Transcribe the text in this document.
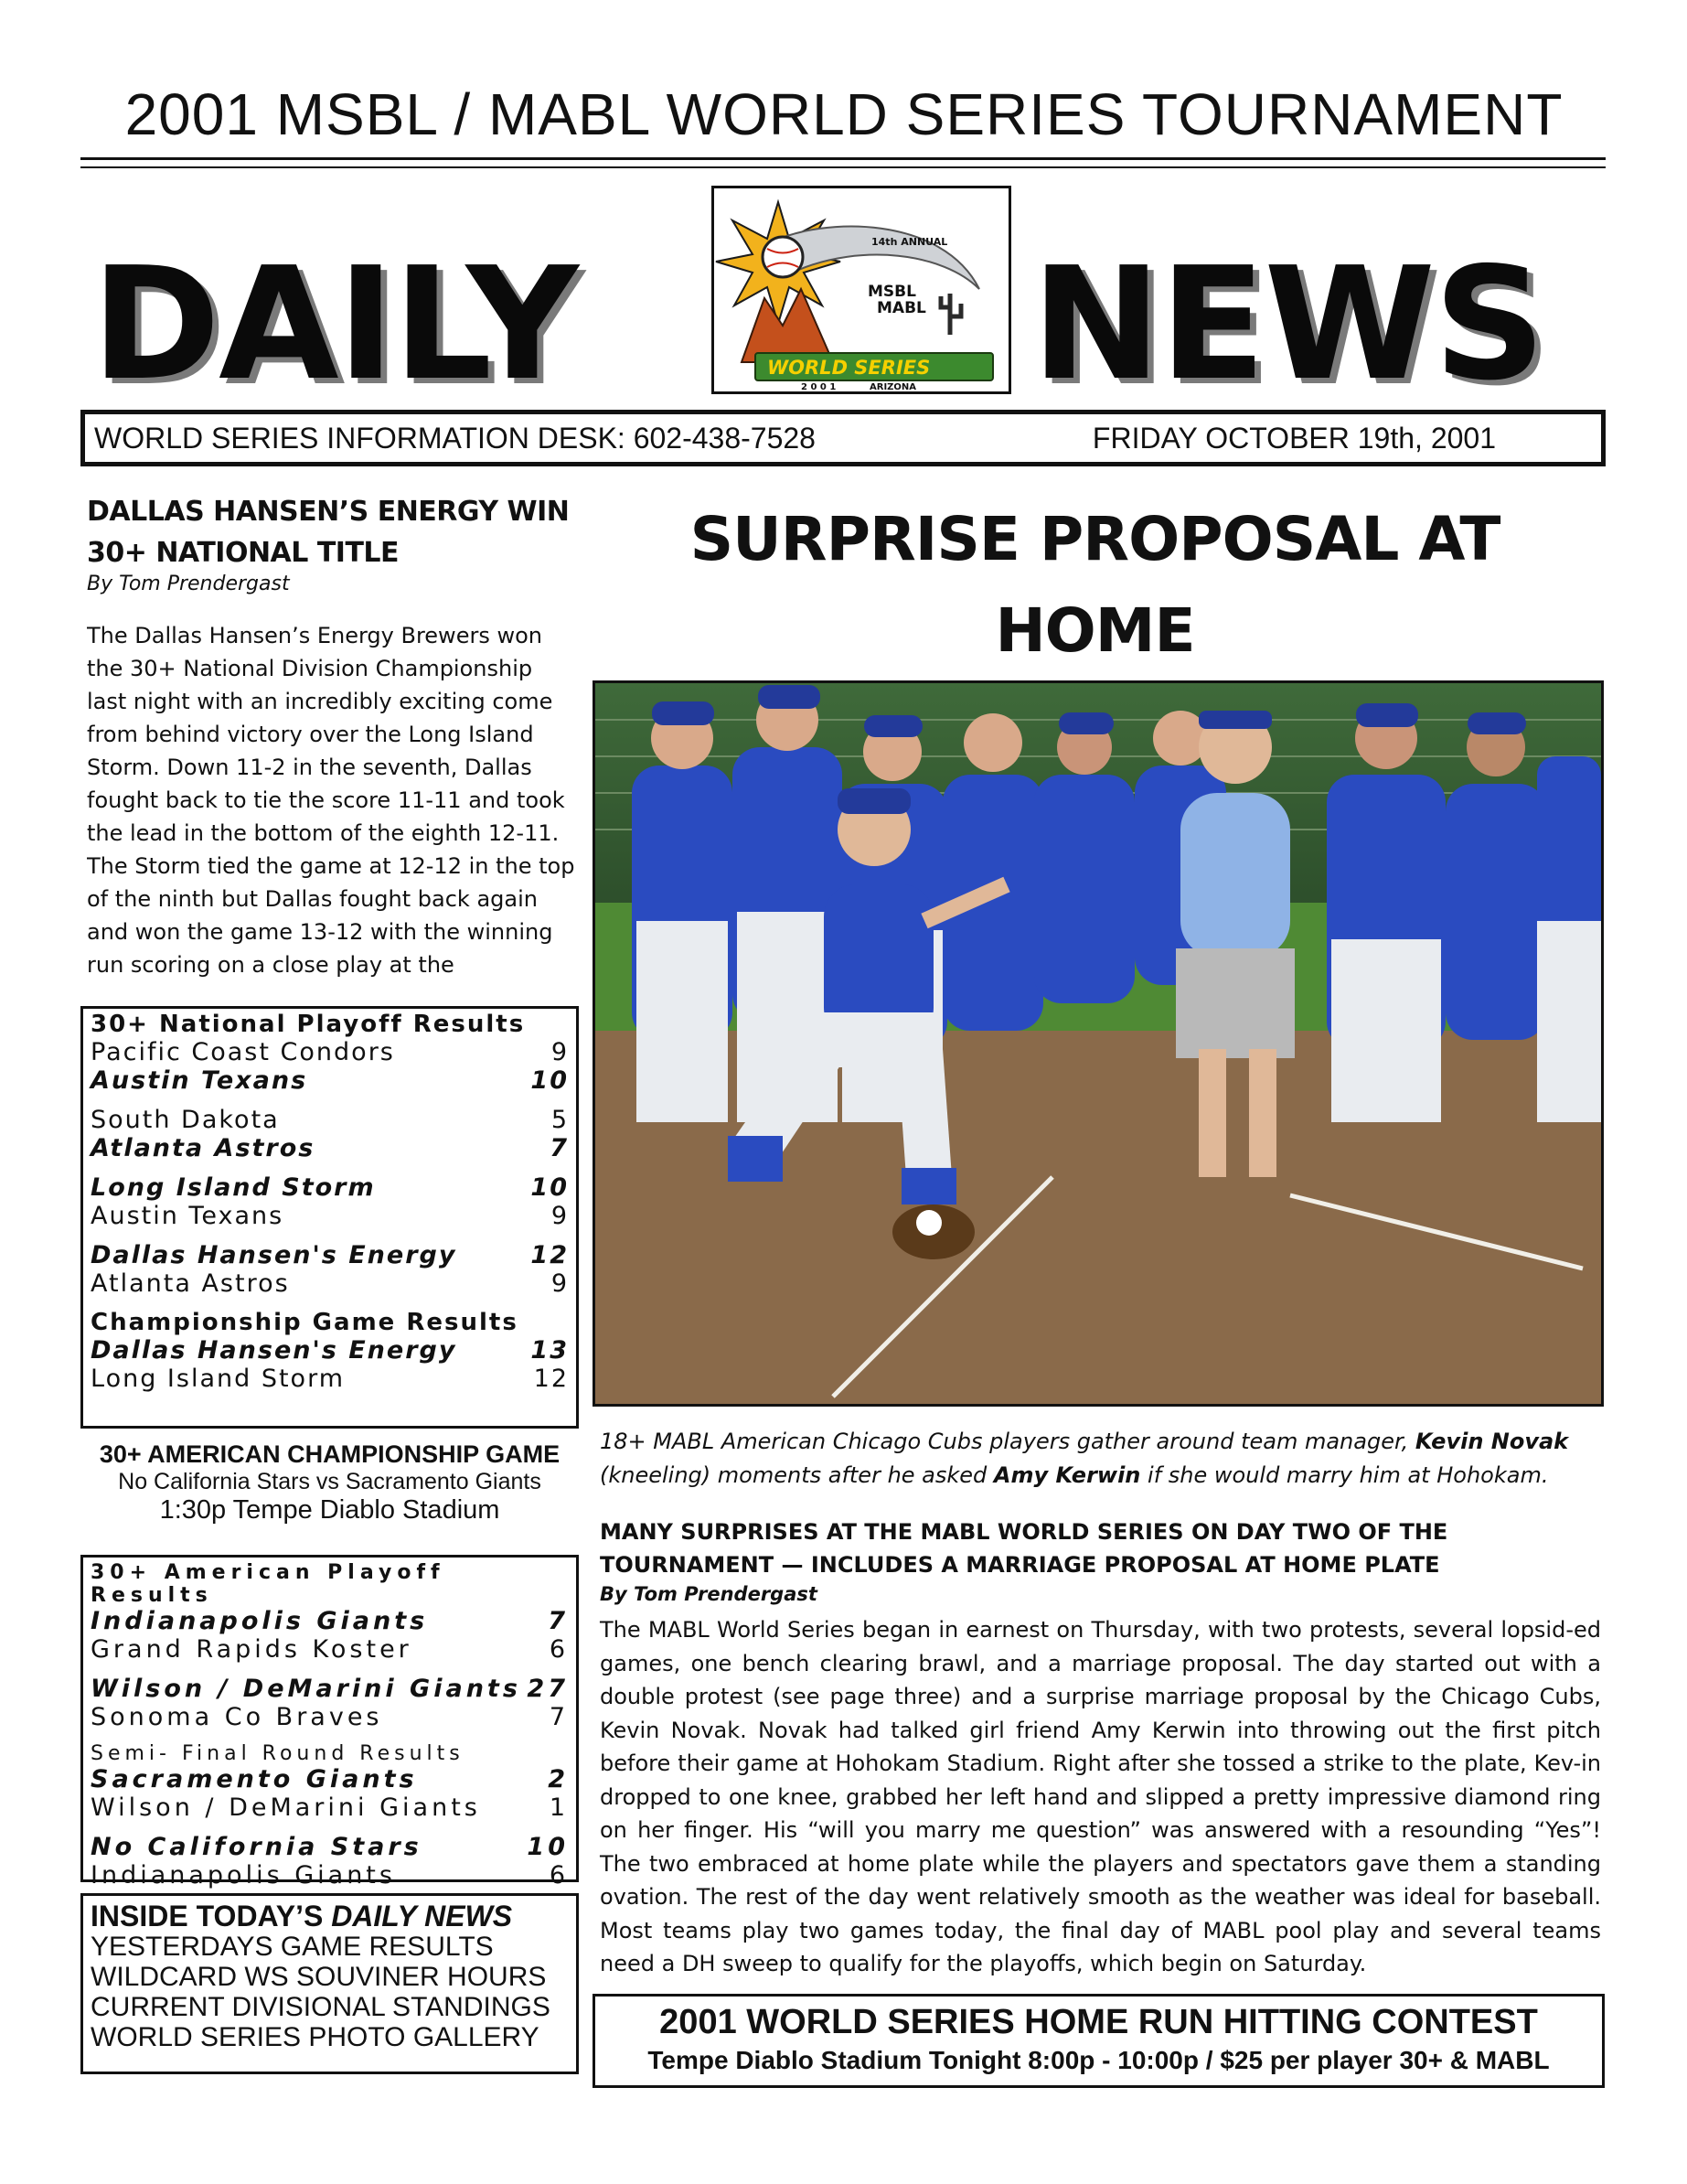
2001 MSBL / MABL WORLD SERIES TOURNAMENT
DAILY	NEWS
14th ANNUAL
MSBL
MABL
WORLD SERIES
2 0 0 1	ARIZONA
WORLD SERIES INFORMATION DESK: 602-438-7528	FRIDAY OCTOBER 19th, 2001
DALLAS HANSEN’S ENERGY WIN
30+ NATIONAL TITLE
By Tom Prendergast
The Dallas Hansen’s Energy Brewers won the 30+ National Division Championship last night with an incredibly exciting come from behind victory over the Long Island Storm. Down 11-2 in the seventh, Dallas fought back to tie the score 11-11 and took the lead in the bottom of the eighth 12-11. The Storm tied the game at 12-12 in the top of the ninth but Dallas fought back again and won the game 13-12 with the winning run scoring on a close play at the
30+ National Playoff Results
Pacific Coast Condors	9
Austin Texans	10
South Dakota	5
Atlanta Astros	7
Long Island Storm	10
Austin Texans	9
Dallas Hansen's Energy	12
Atlanta Astros	9
Championship Game Results
Dallas Hansen's Energy	13
Long Island Storm	12
30+ AMERICAN CHAMPIONSHIP GAME
No California Stars vs Sacramento Giants
1:30p Tempe Diablo Stadium
30+ American Playoff Results
Indianapolis Giants	7
Grand Rapids Koster	6
Wilson / DeMarini Giants 27
Sonoma Co Braves	7
Semi- Final Round Results
Sacramento Giants	2
Wilson / DeMarini Giants	1
No California Stars	10
Indianapolis Giants	6
INSIDE TODAY’S DAILY NEWS
YESTERDAYS GAME RESULTS
WILDCARD WS SOUVINER HOURS
CURRENT DIVISIONAL STANDINGS
WORLD SERIES PHOTO GALLERY
SURPRISE PROPOSAL AT HOME
18+ MABL American Chicago Cubs players gather around team manager, Kevin Novak (kneeling) moments after he asked Amy Kerwin if she would marry him at Hohokam.
MANY SURPRISES AT THE MABL WORLD SERIES ON DAY TWO OF THE TOURNAMENT — INCLUDES A MARRIAGE PROPOSAL AT HOME PLATE
By Tom Prendergast
The MABL World Series began in earnest on Thursday, with two protests, several lopsid-ed games, one bench clearing brawl, and a marriage proposal. The day started out with a double protest (see page three) and a surprise marriage proposal by the Chicago Cubs, Kevin Novak. Novak had talked girl friend Amy Kerwin into throwing out the first pitch before their game at Hohokam Stadium. Right after she tossed a strike to the plate, Kev-in dropped to one knee, grabbed her left hand and slipped a pretty impressive diamond ring on her finger. His “will you marry me question” was answered with a resounding “Yes”! The two embraced at home plate while the players and spectators gave them a standing ovation. The rest of the day went relatively smooth as the weather was ideal for baseball. Most teams play two games today, the final day of MABL pool play and several teams need a DH sweep to qualify for the playoffs, which begin on Saturday.
2001 WORLD SERIES HOME RUN HITTING CONTEST
Tempe Diablo Stadium Tonight 8:00p - 10:00p / $25 per player 30+ & MABL
